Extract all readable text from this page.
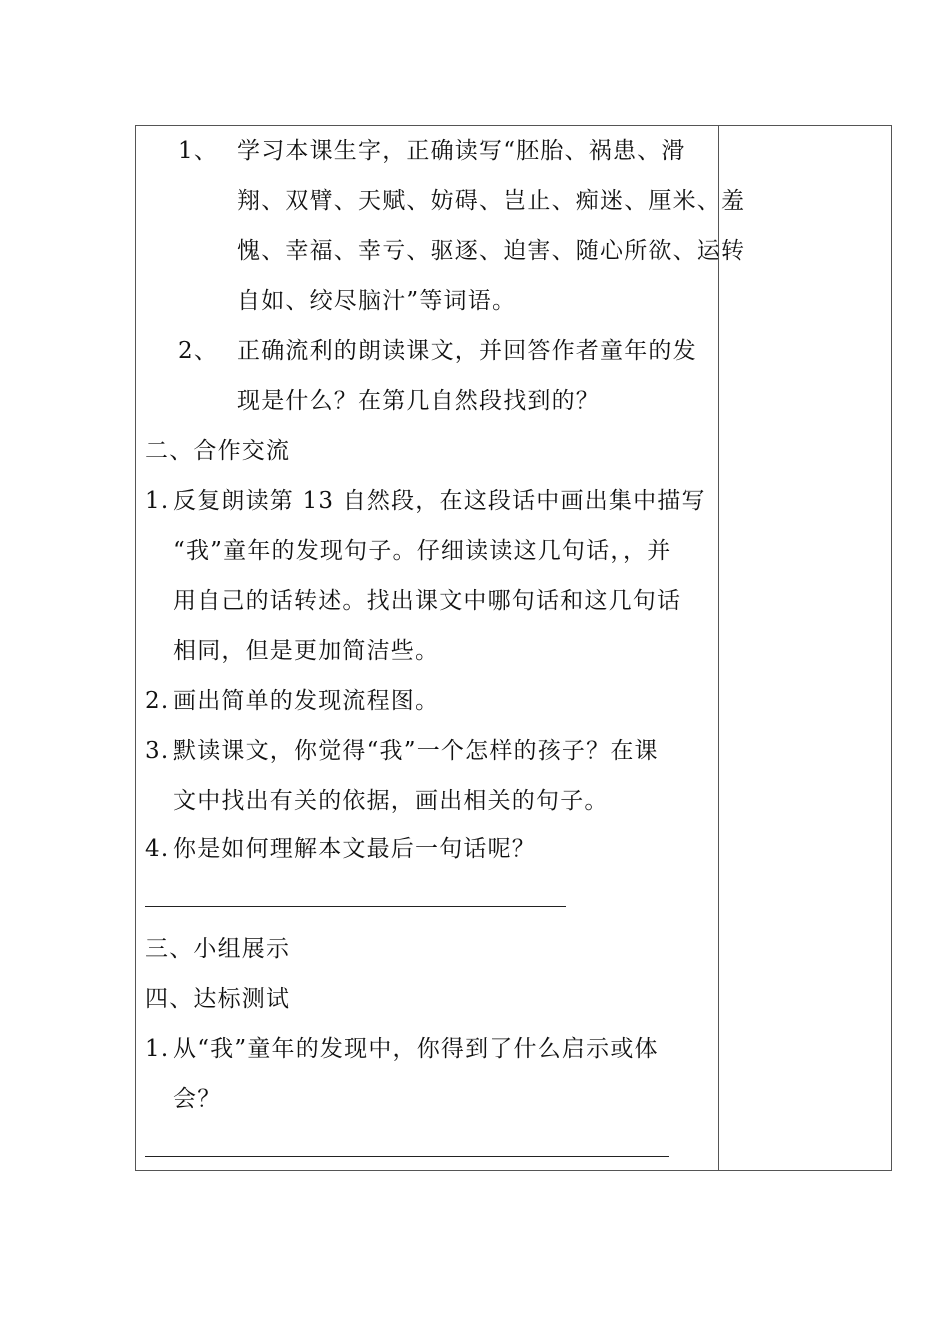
1、 学习本课生字，正确读写“胚胎、祸患、滑
翔、双臂、天赋、妨碍、岂止、痴迷、厘米、羞
愧、幸福、幸亏、驱逐、迫害、随心所欲、运转
自如、绞尽脑汁”等词语。
2、 正确流利的朗读课文，并回答作者童年的发
现是什么？在第几自然段找到的？
二、合作交流
1. 反复朗读第 13 自然段，在这段话中画出集中描写
“我”童年的发现句子。仔细读读这几句话，，并
用自己的话转述。找出课文中哪句话和这几句话
相同，但是更加简洁些。
2. 画出简单的发现流程图。
3. 默读课文，你觉得“我”一个怎样的孩子？在课
文中找出有关的依据，画出相关的句子。
4. 你是如何理解本文最后一句话呢？
三、小组展示
四、达标测试
1. 从“我”童年的发现中，你得到了什么启示或体
会？
